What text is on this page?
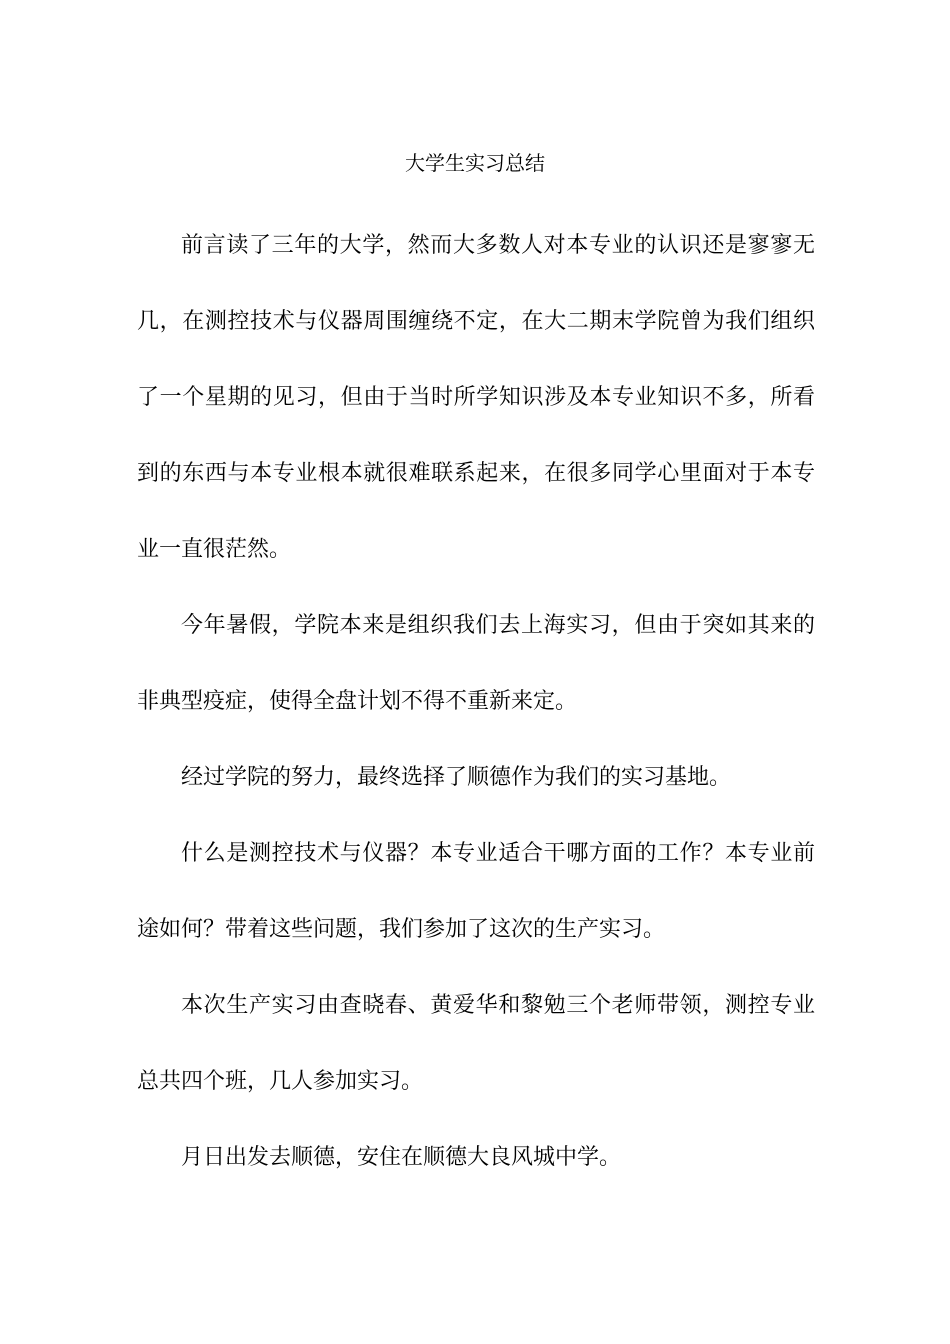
大学生实习总结

前言读了三年的大学，然而大多数人对本专业的认识还是寥寥无几，在测控技术与仪器周围缠绕不定，在大二期末学院曾为我们组织了一个星期的见习，但由于当时所学知识涉及本专业知识不多，所看到的东西与本专业根本就很难联系起来，在很多同学心里面对于本专业一直很茫然。

今年暑假，学院本来是组织我们去上海实习，但由于突如其来的非典型疫症，使得全盘计划不得不重新来定。

经过学院的努力，最终选择了顺德作为我们的实习基地。

什么是测控技术与仪器？本专业适合干哪方面的工作？本专业前途如何？带着这些问题，我们参加了这次的生产实习。

本次生产实习由查晓春、黄爱华和黎勉三个老师带领，测控专业总共四个班，几人参加实习。

月日出发去顺德，安住在顺德大良风城中学。
